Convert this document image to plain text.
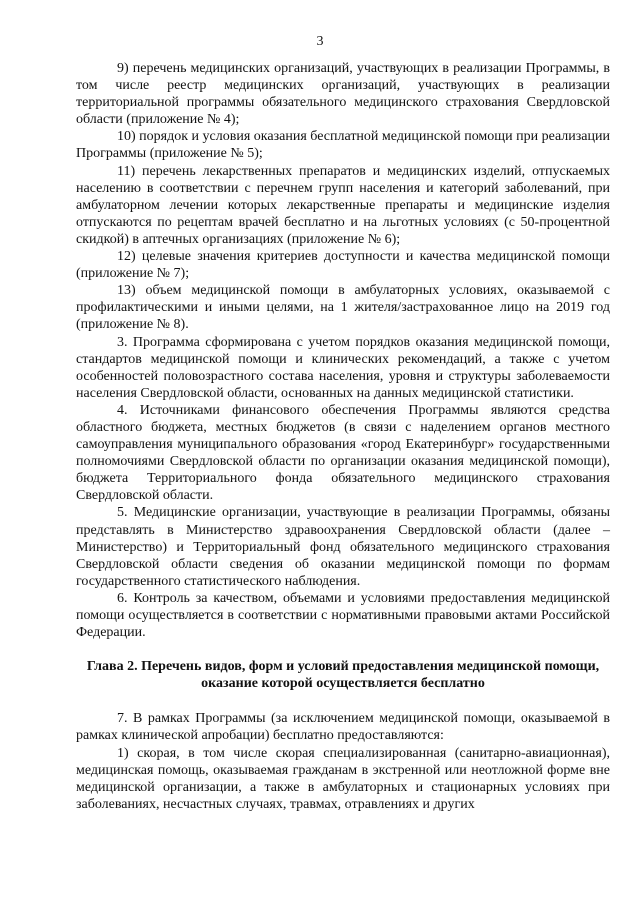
3

9) перечень медицинских организаций, участвующих в реализации Программы, в том числе реестр медицинских организаций, участвующих в реализации территориальной программы обязательного медицинского страхования Свердловской области (приложение № 4);

10) порядок и условия оказания бесплатной медицинской помощи при реализации Программы (приложение № 5);

11) перечень лекарственных препаратов и медицинских изделий, отпускаемых населению в соответствии с перечнем групп населения и категорий заболеваний, при амбулаторном лечении которых лекарственные препараты и медицинские изделия отпускаются по рецептам врачей бесплатно и на льготных условиях (с 50-процентной скидкой) в аптечных организациях (приложение № 6);

12) целевые значения критериев доступности и качества медицинской помощи (приложение № 7);

13) объем медицинской помощи в амбулаторных условиях, оказываемой с профилактическими и иными целями, на 1 жителя/застрахованное лицо на 2019 год (приложение № 8).

3. Программа сформирована с учетом порядков оказания медицинской помощи, стандартов медицинской помощи и клинических рекомендаций, а также с учетом особенностей половозрастного состава населения, уровня и структуры заболеваемости населения Свердловской области, основанных на данных медицинской статистики.

4. Источниками финансового обеспечения Программы являются средства областного бюджета, местных бюджетов (в связи с наделением органов местного самоуправления муниципального образования «город Екатеринбург» государственными полномочиями Свердловской области по организации оказания медицинской помощи), бюджета Территориального фонда обязательного медицинского страхования Свердловской области.

5. Медицинские организации, участвующие в реализации Программы, обязаны представлять в Министерство здравоохранения Свердловской области (далее – Министерство) и Территориальный фонд обязательного медицинского страхования Свердловской области сведения об оказании медицинской помощи по формам государственного статистического наблюдения.

6. Контроль за качеством, объемами и условиями предоставления медицинской помощи осуществляется в соответствии с нормативными правовыми актами Российской Федерации.

Глава 2. Перечень видов, форм и условий предоставления медицинской помощи, оказание которой осуществляется бесплатно

7. В рамках Программы (за исключением медицинской помощи, оказываемой в рамках клинической апробации) бесплатно предоставляются:

1) скорая, в том числе скорая специализированная (санитарно-авиационная), медицинская помощь, оказываемая гражданам в экстренной или неотложной форме вне медицинской организации, а также в амбулаторных и стационарных условиях при заболеваниях, несчастных случаях, травмах, отравлениях и других
